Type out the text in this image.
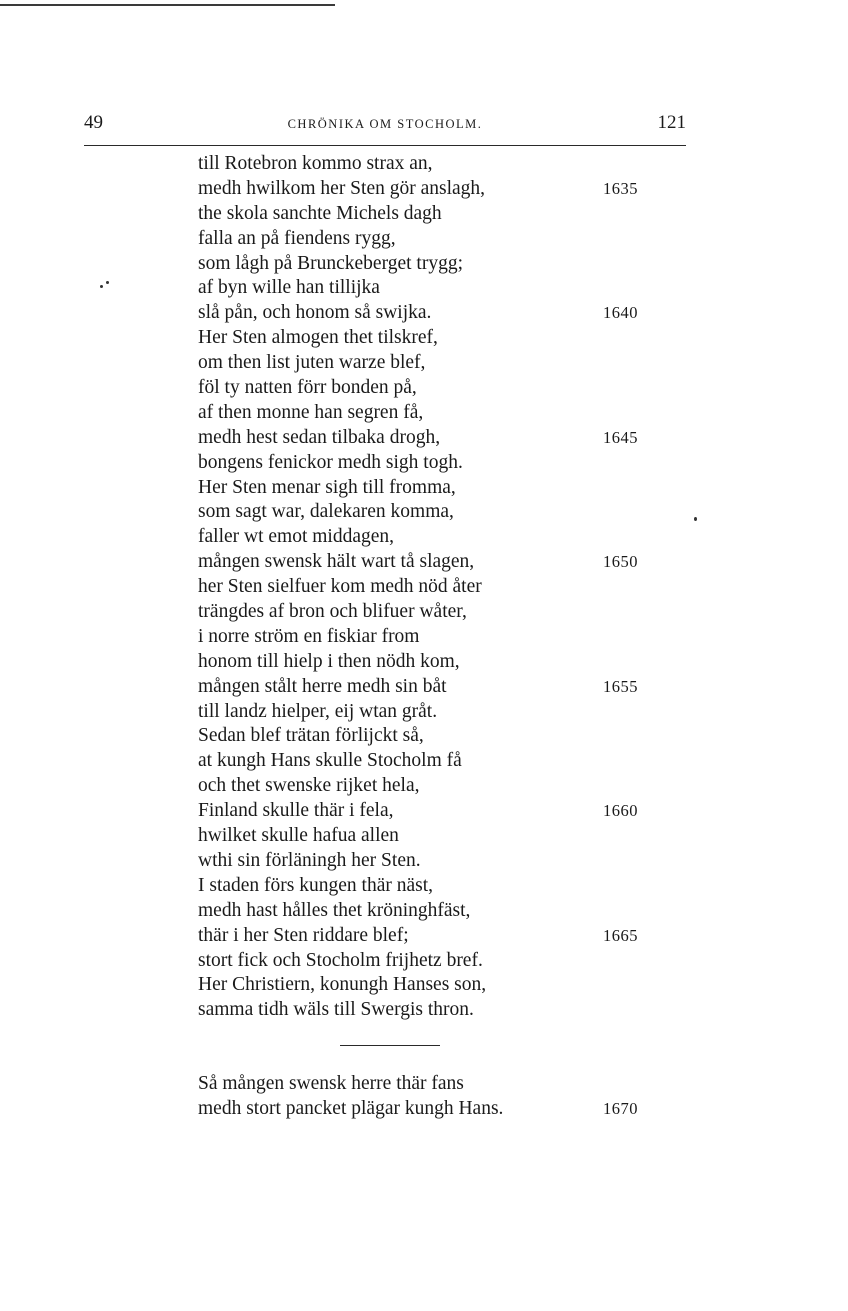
49	CHRÖNIKA OM STOCHOLM.	121
till Rotebron kommo strax an,
medh hwilkom her Sten gör anslagh,	1635
the skola sanchte Michels dagh
falla an på fiendens rygg,
som lågh på Brunckeberget trygg;
af byn wille han tillijka
slå pån, och honom så swijka.	1640
Her Sten almogen thet tilskref,
om then list juten warze blef,
föl ty natten förr bonden på,
af then monne han segren få,
medh hest sedan tilbaka drogh,	1645
bongens fenickor medh sigh togh.
Her Sten menar sigh till fromma,
som sagt war, dalekaren komma,
faller wt emot middagen,
mången swensk hält wart tå slagen,	1650
her Sten sielfuer kom medh nöd åter
trängdes af bron och blifuer wåter,
i norre ström en fiskiar from
honom till hielp i then nödh kom,
mången stålt herre medh sin båt	1655
till landz hielper, eij wtan gråt.
Sedan blef trätan förlijckt så,
at kungh Hans skulle Stocholm få
och thet swenske rijket hela,
Finland skulle thär i fela,	1660
hwilket skulle hafua allen
wthi sin förläningh her Sten.
I staden förs kungen thär näst,
medh hast hålles thet kröninghfäst,
thär i her Sten riddare blef;	1665
stort fick och Stocholm frijhetz bref.
Her Christiern, konungh Hanses son,
samma tidh wäls till Swergis thron.
Så mången swensk herre thär fans
medh stort pancket plägar kungh Hans.	1670
